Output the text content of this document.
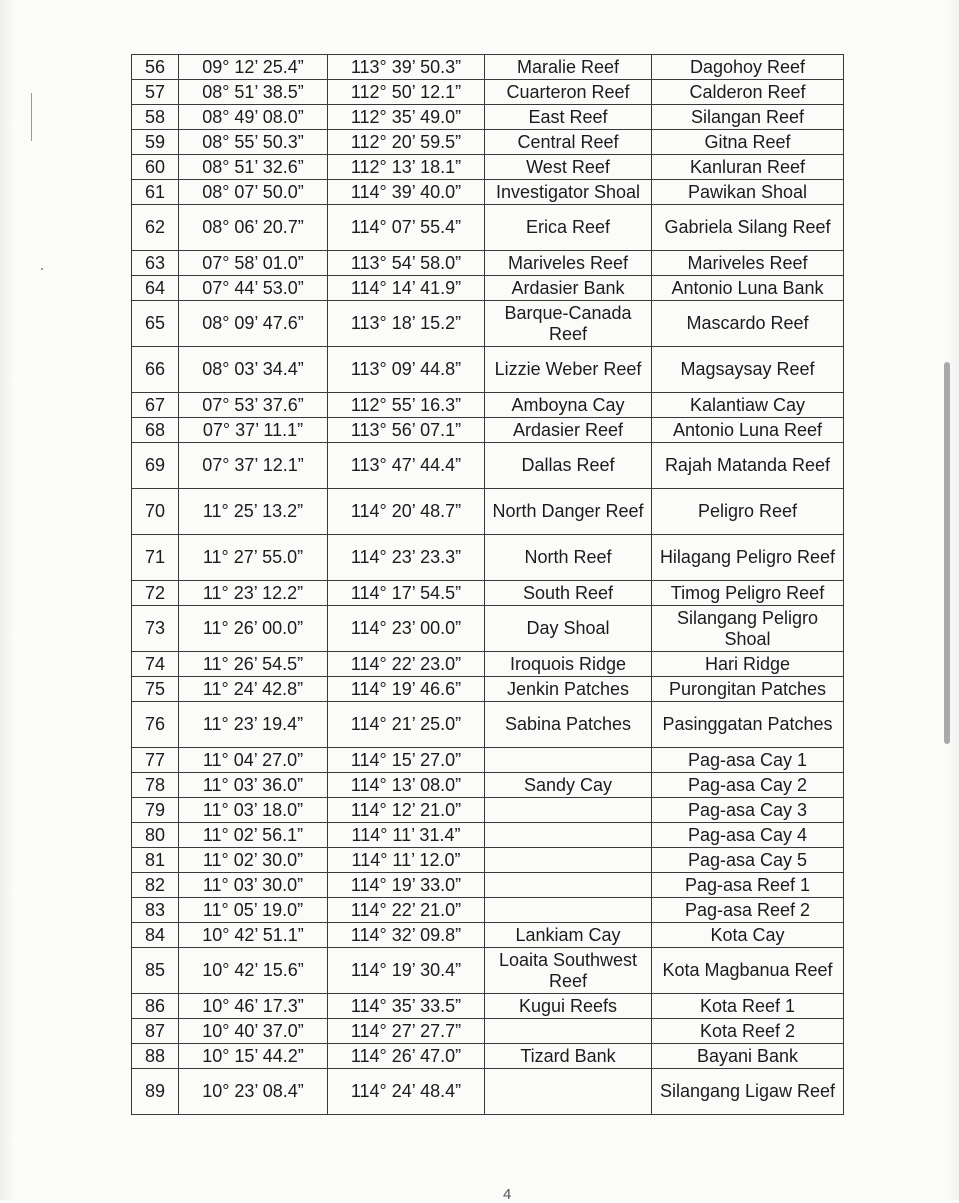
56	09° 12’ 25.4”	113° 39’ 50.3”	Maralie Reef	Dagohoy Reef
57	08° 51’ 38.5”	112° 50’ 12.1”	Cuarteron Reef	Calderon Reef
58	08° 49’ 08.0”	112° 35’ 49.0”	East Reef	Silangan Reef
59	08° 55’ 50.3”	112° 20’ 59.5”	Central Reef	Gitna Reef
60	08° 51’ 32.6”	112° 13’ 18.1”	West Reef	Kanluran Reef
61	08° 07’ 50.0”	114° 39’ 40.0”	Investigator Shoal	Pawikan Shoal
62	08° 06’ 20.7”	114° 07’ 55.4”	Erica Reef	Gabriela Silang Reef
63	07° 58’ 01.0”	113° 54’ 58.0”	Mariveles Reef	Mariveles Reef
64	07° 44’ 53.0”	114° 14’ 41.9”	Ardasier Bank	Antonio Luna Bank
65	08° 09’ 47.6”	113° 18’ 15.2”	Barque-Canada Reef	Mascardo Reef
66	08° 03’ 34.4”	113° 09’ 44.8”	Lizzie Weber Reef	Magsaysay Reef
67	07° 53’ 37.6”	112° 55’ 16.3”	Amboyna Cay	Kalantiaw Cay
68	07° 37’ 11.1”	113° 56’ 07.1”	Ardasier Reef	Antonio Luna Reef
69	07° 37’ 12.1”	113° 47’ 44.4”	Dallas Reef	Rajah Matanda Reef
70	11° 25’ 13.2”	114° 20’ 48.7”	North Danger Reef	Peligro Reef
71	11° 27’ 55.0”	114° 23’ 23.3”	North Reef	Hilagang Peligro Reef
72	11° 23’ 12.2”	114° 17’ 54.5”	South Reef	Timog Peligro Reef
73	11° 26’ 00.0”	114° 23’ 00.0”	Day Shoal	Silangang Peligro Shoal
74	11° 26’ 54.5”	114° 22’ 23.0”	Iroquois Ridge	Hari Ridge
75	11° 24’ 42.8”	114° 19’ 46.6”	Jenkin Patches	Purongitan Patches
76	11° 23’ 19.4”	114° 21’ 25.0”	Sabina Patches	Pasinggatan Patches
77	11° 04’ 27.0”	114° 15’ 27.0”		Pag-asa Cay 1
78	11° 03’ 36.0”	114° 13’ 08.0”	Sandy Cay	Pag-asa Cay 2
79	11° 03’ 18.0”	114° 12’ 21.0”		Pag-asa Cay 3
80	11° 02’ 56.1”	114° 11’ 31.4”		Pag-asa Cay 4
81	11° 02’ 30.0”	114° 11’ 12.0”		Pag-asa Cay 5
82	11° 03’ 30.0”	114° 19’ 33.0”		Pag-asa Reef 1
83	11° 05’ 19.0”	114° 22’ 21.0”		Pag-asa Reef 2
84	10° 42’ 51.1”	114° 32’ 09.8”	Lankiam Cay	Kota Cay
85	10° 42’ 15.6”	114° 19’ 30.4”	Loaita Southwest Reef	Kota Magbanua Reef
86	10° 46’ 17.3”	114° 35’ 33.5”	Kugui Reefs	Kota Reef 1
87	10° 40’ 37.0”	114° 27’ 27.7”		Kota Reef 2
88	10° 15’ 44.2”	114° 26’ 47.0”	Tizard Bank	Bayani Bank
89	10° 23’ 08.4”	114° 24’ 48.4”		Silangang Ligaw Reef
4
